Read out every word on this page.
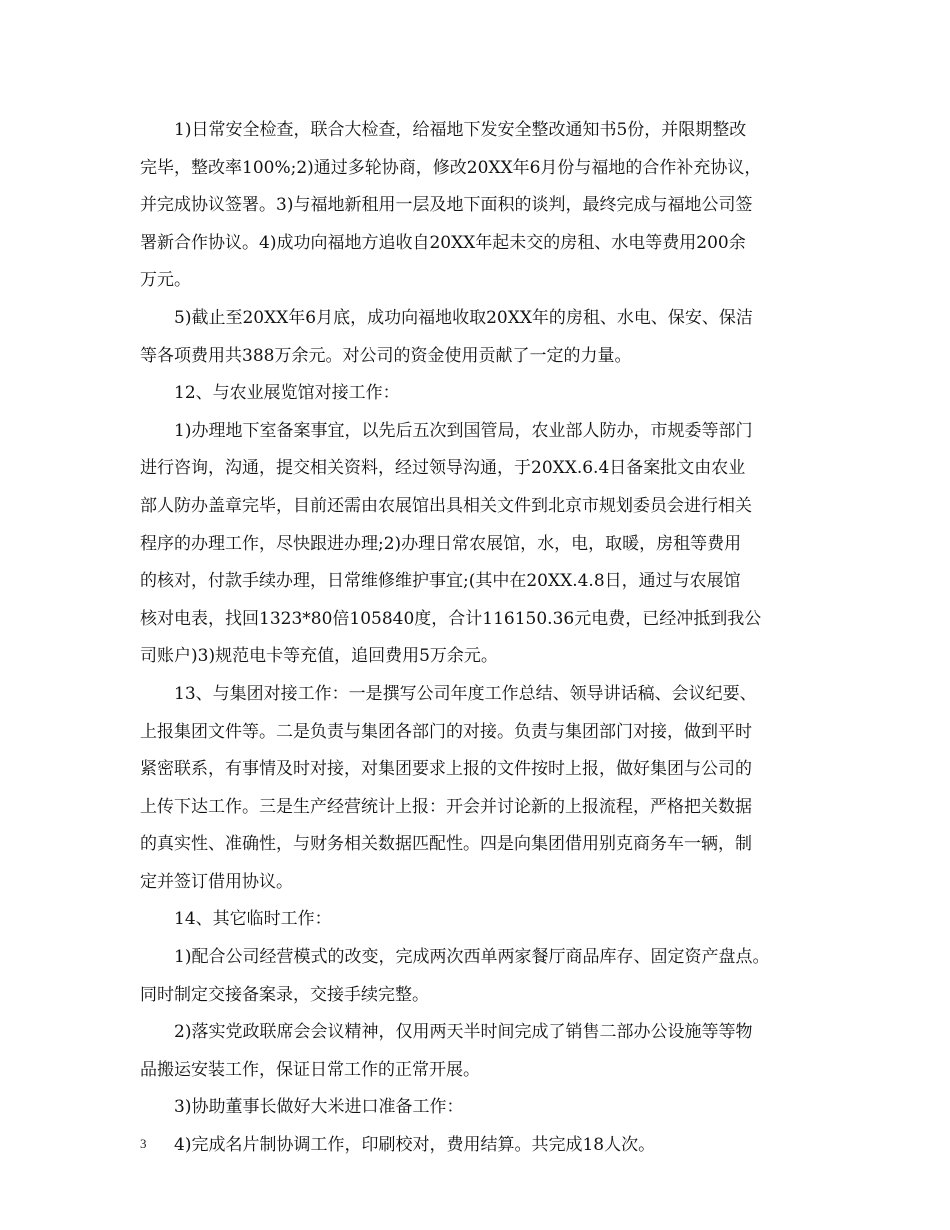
1)日常安全检查，联合大检查，给福地下发安全整改通知书5份，并限期整改
完毕，整改率100%;2)通过多轮协商，修改20XX年6月份与福地的合作补充协议，
并完成协议签署。3)与福地新租用一层及地下面积的谈判，最终完成与福地公司签
署新合作协议。4)成功向福地方追收自20XX年起未交的房租、水电等费用200余
万元。
5)截止至20XX年6月底，成功向福地收取20XX年的房租、水电、保安、保洁
等各项费用共388万余元。对公司的资金使用贡献了一定的力量。
12、与农业展览馆对接工作：
1)办理地下室备案事宜，以先后五次到国管局，农业部人防办，市规委等部门
进行咨询，沟通，提交相关资料，经过领导沟通，于20XX.6.4日备案批文由农业
部人防办盖章完毕，目前还需由农展馆出具相关文件到北京市规划委员会进行相关
程序的办理工作，尽快跟进办理;2)办理日常农展馆，水，电，取暖，房租等费用
的核对，付款手续办理，日常维修维护事宜;(其中在20XX.4.8日，通过与农展馆
核对电表，找回1323*80倍105840度，合计116150.36元电费，已经冲抵到我公
司账户)3)规范电卡等充值，追回费用5万余元。
13、与集团对接工作：一是撰写公司年度工作总结、领导讲话稿、会议纪要、
上报集团文件等。二是负责与集团各部门的对接。负责与集团部门对接，做到平时
紧密联系，有事情及时对接，对集团要求上报的文件按时上报，做好集团与公司的
上传下达工作。三是生产经营统计上报：开会并讨论新的上报流程，严格把关数据
的真实性、准确性，与财务相关数据匹配性。四是向集团借用别克商务车一辆，制
定并签订借用协议。
14、其它临时工作：
1)配合公司经营模式的改变，完成两次西单两家餐厅商品库存、固定资产盘点。
同时制定交接备案录，交接手续完整。
2)落实党政联席会会议精神，仅用两天半时间完成了销售二部办公设施等等物
品搬运安装工作，保证日常工作的正常开展。
3)协助董事长做好大米进口准备工作：
4)完成名片制协调工作，印刷校对，费用结算。共完成18人次。
3
